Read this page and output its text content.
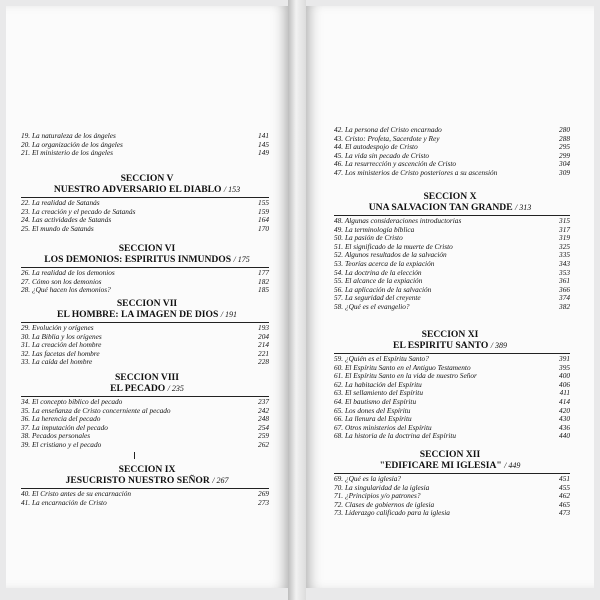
19. La naturaleza de los ángeles	141
20. La organización de los ángeles	145
21. El ministerio de los ángeles	149
SECCION V
NUESTRO ADVERSARIO EL DIABLO / 153
22. La realidad de Satanás	155
23. La creación y el pecado de Satanás	159
24. Las actividades de Satanás	164
25. El mundo de Satanás	170
SECCION VI
LOS DEMONIOS: ESPIRITUS INMUNDOS / 175
26. La realidad de los demonios	177
27. Cómo son los demonios	182
28. ¿Qué hacen los demonios?	185
SECCION VII
EL HOMBRE: LA IMAGEN DE DIOS / 191
29. Evolución y orígenes	193
30. La Biblia y los orígenes	204
31. La creación del hombre	214
32. Las facetas del hombre	221
33. La caída del hombre	228
SECCION VIII
EL PECADO / 235
34. El concepto bíblico del pecado	237
35. La enseñanza de Cristo concerniente al pecado	242
36. La herencia del pecado	248
37. La imputación del pecado	254
38. Pecados personales	259
39. El cristiano y el pecado	262
SECCION IX
JESUCRISTO NUESTRO SEÑOR / 267
40. El Cristo antes de su encarnación	269
41. La encarnación de Cristo	273
42. La persona del Cristo encarnado	280
43. Cristo: Profeta, Sacerdote y Rey	288
44. El autodespojo de Cristo	295
45. La vida sin pecado de Cristo	299
46. La resurrección y ascención de Cristo	304
47. Los ministerios de Cristo posteriores a su ascensión	309
SECCION X
UNA SALVACION TAN GRANDE / 313
48. Algunas consideraciones introductorias	315
49. La terminología bíblica	317
50. La pasión de Cristo	319
51. El significado de la muerte de Cristo	325
52. Algunos resultados de la salvación	335
53. Teorías acerca de la expiación	343
54. La doctrina de la elección	353
55. El alcance de la expiación	361
56. La aplicación de la salvación	366
57. La seguridad del creyente	374
58. ¿Qué es el evangelio?	382
SECCION XI
EL ESPIRITU SANTO / 389
59. ¿Quién es el Espíritu Santo?	391
60. El Espíritu Santo en el Antiguo Testamento	395
61. El Espíritu Santo en la vida de nuestro Señor	400
62. La habitación del Espíritu	406
63. El sellamiento del Espíritu	411
64. El bautismo del Espíritu	414
65. Los dones del Espíritu	420
66. La llenura del Espíritu	430
67. Otros ministerios del Espíritu	436
68. La historia de la doctrina del Espíritu	440
SECCION XII
"EDIFICARE MI IGLESIA" / 449
69. ¿Qué es la iglesia?	451
70. La singularidad de la iglesia	455
71. ¿Principios y/o patrones?	462
72. Clases de gobiernos de iglesia	465
73. Liderazgo calificado para la iglesia	473
